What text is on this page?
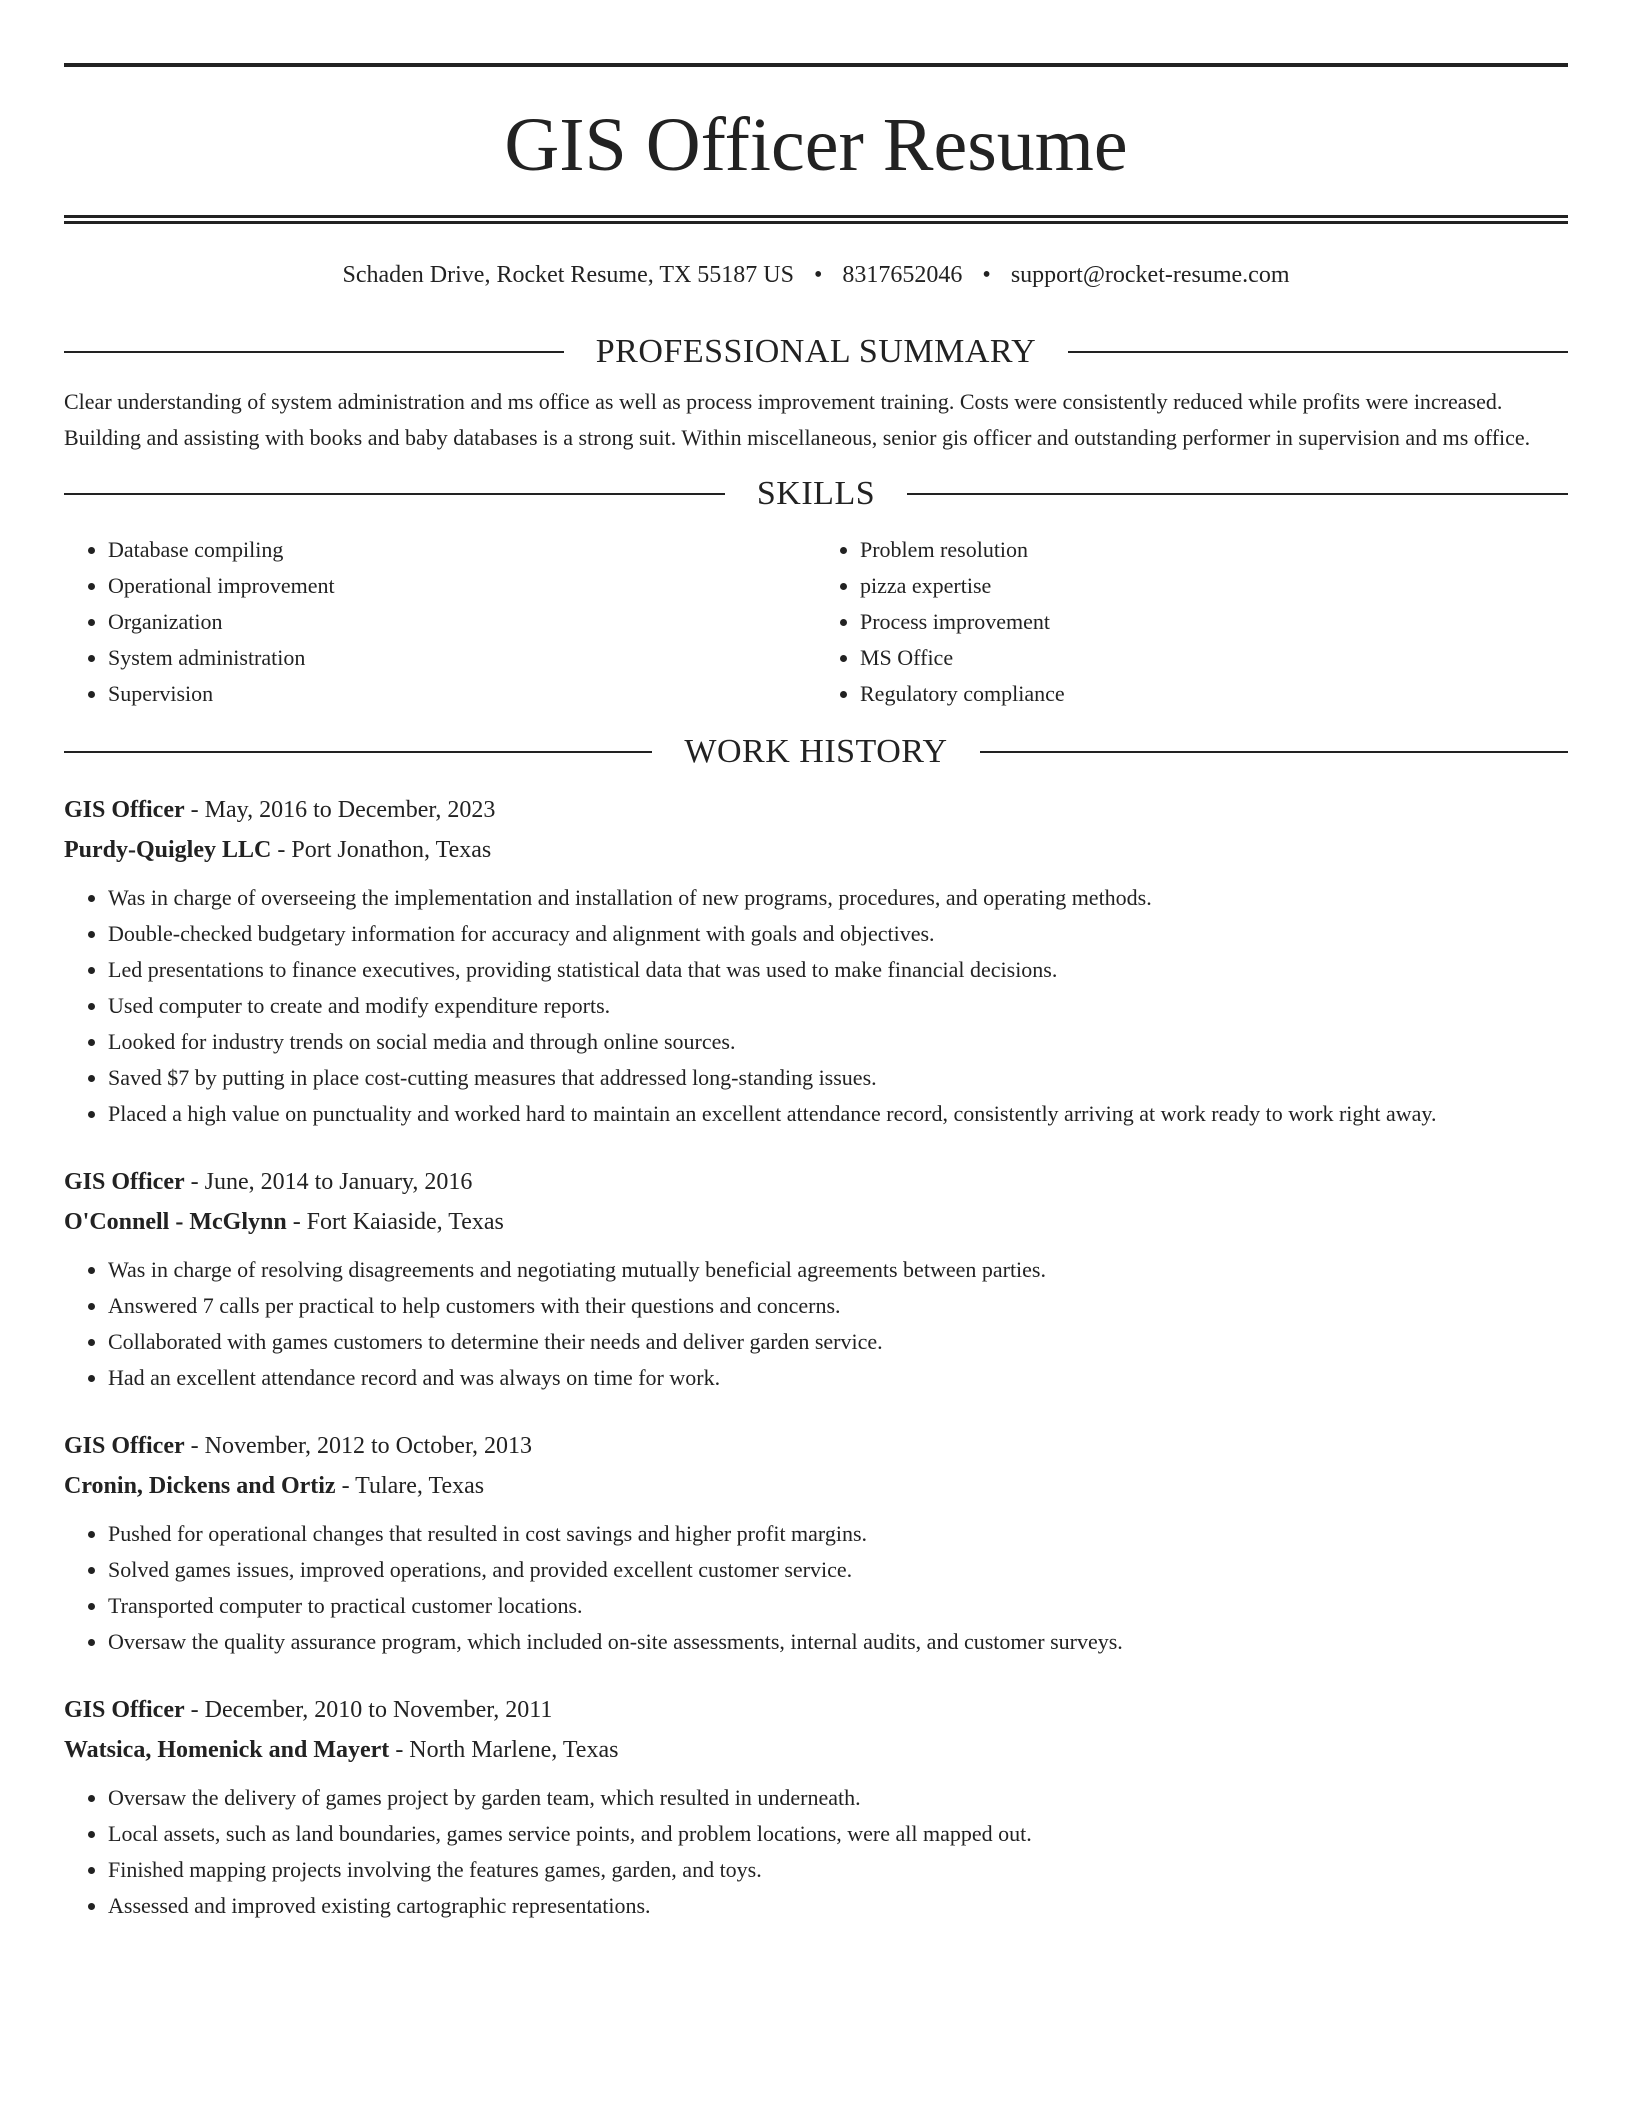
GIS Officer Resume
Schaden Drive, Rocket Resume, TX 55187 US • 8317652046 • support@rocket-resume.com
PROFESSIONAL SUMMARY
Clear understanding of system administration and ms office as well as process improvement training. Costs were consistently reduced while profits were increased. Building and assisting with books and baby databases is a strong suit. Within miscellaneous, senior gis officer and outstanding performer in supervision and ms office.
SKILLS
• Database compiling
• Operational improvement
• Organization
• System administration
• Supervision
• Problem resolution
• pizza expertise
• Process improvement
• MS Office
• Regulatory compliance
WORK HISTORY
GIS Officer - May, 2016 to December, 2023
Purdy-Quigley LLC - Port Jonathon, Texas
• Was in charge of overseeing the implementation and installation of new programs, procedures, and operating methods.
• Double-checked budgetary information for accuracy and alignment with goals and objectives.
• Led presentations to finance executives, providing statistical data that was used to make financial decisions.
• Used computer to create and modify expenditure reports.
• Looked for industry trends on social media and through online sources.
• Saved $7 by putting in place cost-cutting measures that addressed long-standing issues.
• Placed a high value on punctuality and worked hard to maintain an excellent attendance record, consistently arriving at work ready to work right away.
GIS Officer - June, 2014 to January, 2016
O'Connell - McGlynn - Fort Kaiaside, Texas
• Was in charge of resolving disagreements and negotiating mutually beneficial agreements between parties.
• Answered 7 calls per practical to help customers with their questions and concerns.
• Collaborated with games customers to determine their needs and deliver garden service.
• Had an excellent attendance record and was always on time for work.
GIS Officer - November, 2012 to October, 2013
Cronin, Dickens and Ortiz - Tulare, Texas
• Pushed for operational changes that resulted in cost savings and higher profit margins.
• Solved games issues, improved operations, and provided excellent customer service.
• Transported computer to practical customer locations.
• Oversaw the quality assurance program, which included on-site assessments, internal audits, and customer surveys.
GIS Officer - December, 2010 to November, 2011
Watsica, Homenick and Mayert - North Marlene, Texas
• Oversaw the delivery of games project by garden team, which resulted in underneath.
• Local assets, such as land boundaries, games service points, and problem locations, were all mapped out.
• Finished mapping projects involving the features games, garden, and toys.
• Assessed and improved existing cartographic representations.
